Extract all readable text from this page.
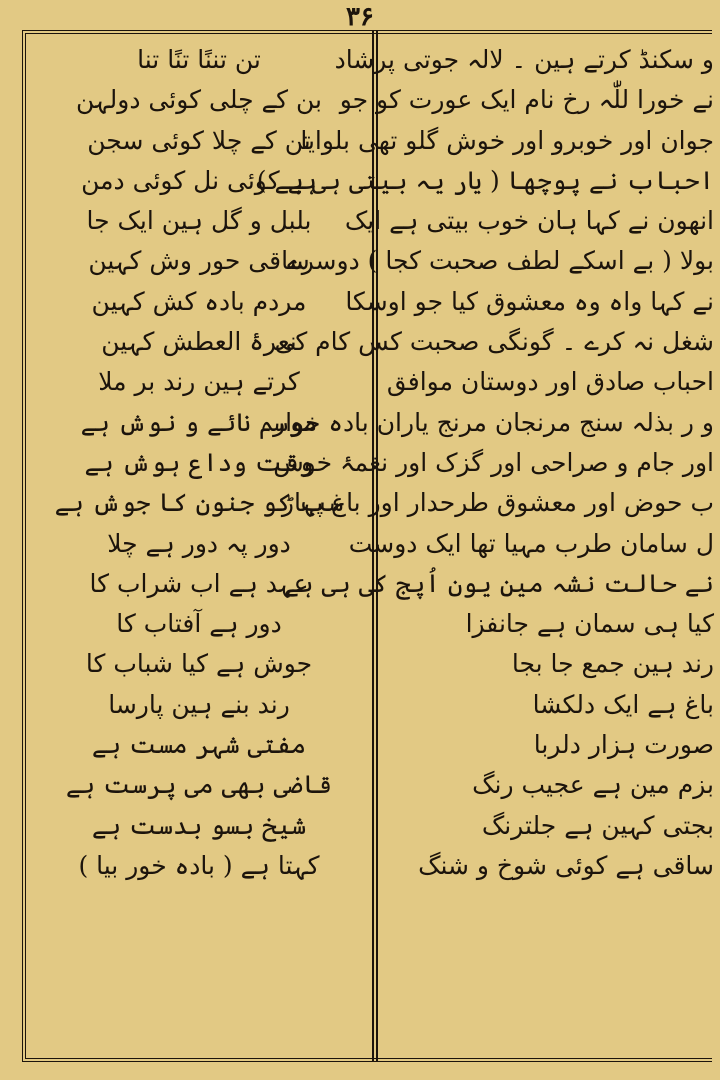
۳۶
و سکنڈ کرتے ہین ۔ لالہ جوتی پرشاد
نے خورا للّٰہ رخ نام ایک عورت کو جو
جوان اور خوبرو اور خوش گلو تھی بلوایا
احباب نے پوچھا ( یار یہ بیتی ہی ہے )
انھون نے کہا ہان خوب بیتی ہے ایک
بولا ( بے اسکے لطف صحبت کجا ) دوسرے
نے کہا واہ وہ معشوق کیا جو اوسکا
شغل نہ کرے ۔ گونگی صحبت کس کام کی
احباب صادق اور دوستان موافق
و ر بذلہ سنج مرنجان مرنج یاران بادہ خوار
اور جام و صراحی اور گزک اور نغمۂ خوش
ب حوض اور معشوق طرحدار اور باغ پہاڑ
ل سامان طرب مہیا تھا ایک دوست
نے حالت نشہ مین یون اُپج کی ہی ہے
کیا ہی سمان ہے جانفزا
رند ہین جمع جا بجا
باغ ہے ایک دلکشا
صورت ہزار دلربا
بزم مین ہے عجیب رنگ
بجتی کہین ہے جلترنگ
ساقی ہے کوئی شوخ و شنگ
تن تننًا تنًا تنا
بن کے چلی کوئی دولہن
تن کے چلا کوئی سجن
ہے کوئی نل کوئی دمن
بلبل و گل ہین ایک جا
ساقی حور وش کہین
مردم بادہ کش کہین
نعرۂ العطش کہین
کرتے ہین رند بر ملا
موسم نائے و نوش ہے
وقت وداع ہوش ہے
سب کو جنون کا جوش ہے
دور پہ دور ہے چلا
عہد ہے اب شراب کا
دور ہے آفتاب کا
جوش ہے کیا شباب کا
رند بنے ہین پارسا
مفتی شہر مست ہے
قاضی بھی می پرست ہے
شیخ بسو بدست ہے
کہتا ہے ( بادہ خور بیا )
